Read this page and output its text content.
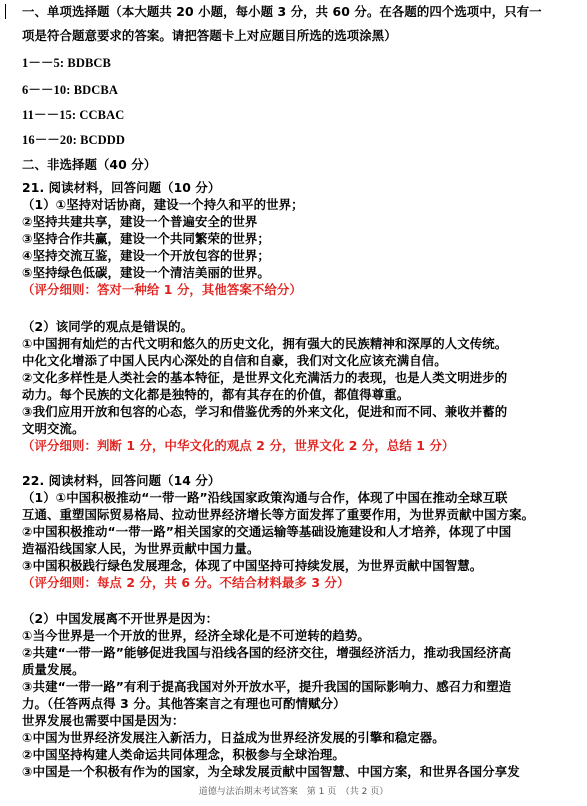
一、单项选择题（本大题共 20 小题，每小题 3 分，共 60 分。在各题的四个选项中，只有一
项是符合题意要求的答案。请把答题卡上对应题目所选的选项涂黑）
1－－5: BDBCB
6－－10: BDCBA
11－－15: CCBAC
16－－20: BCDDD
二、非选择题（40 分）
21. 阅读材料，回答问题（10 分）
（1）①坚持对话协商，建设一个持久和平的世界；
②坚持共建共享，建设一个普遍安全的世界
③坚持合作共赢，建设一个共同繁荣的世界；
④坚持交流互鉴，建设一个开放包容的世界；
⑤坚持绿色低碳，建设一个清洁美丽的世界。
（评分细则：答对一种给 1 分，其他答案不给分）
（2）该同学的观点是错误的。
①中国拥有灿烂的古代文明和悠久的历史文化，拥有强大的民族精神和深厚的人文传统。
中化文化增添了中国人民内心深处的自信和自豪，我们对文化应该充满自信。
②文化多样性是人类社会的基本特征，是世界文化充满活力的表现，也是人类文明进步的
动力。每个民族的文化都是独特的，都有其存在的价值，都值得尊重。
③我们应用开放和包容的心态，学习和借鉴优秀的外来文化，促进和而不同、兼收并蓄的
文明交流。
（评分细则：判断 1 分，中华文化的观点 2 分，世界文化 2 分，总结 1 分）
22. 阅读材料，回答问题（14 分）
（1）①中国积极推动“一带一路”沿线国家政策沟通与合作，体现了中国在推动全球互联
互通、重塑国际贸易格局、拉动世界经济增长等方面发挥了重要作用，为世界贡献中国方案。
②中国积极推动“一带一路”相关国家的交通运输等基础设施建设和人才培养，体现了中国
造福沿线国家人民，为世界贡献中国力量。
③中国积极践行绿色发展理念，体现了中国坚持可持续发展，为世界贡献中国智慧。
（评分细则：每点 2 分，共 6 分。不结合材料最多 3 分）
（2）中国发展离不开世界是因为：
①当今世界是一个开放的世界，经济全球化是不可逆转的趋势。
②共建“一带一路”能够促进我国与沿线各国的经济交往，增强经济活力，推动我国经济高
质量发展。
③共建“一带一路”有利于提高我国对外开放水平，提升我国的国际影响力、感召力和塑造
力。（任答两点得 3 分。其他答案言之有理也可酌情赋分）
世界发展也需要中国是因为：
①中国为世界经济发展注入新活力，日益成为世界经济发展的引擎和稳定器。
②中国坚持构建人类命运共同体理念，积极参与全球治理。
③中国是一个积极有作为的国家，为全球发展贡献中国智慧、中国方案，和世界各国分享发
道德与法治期末考试答案　第 1 页　（共 2 页）
